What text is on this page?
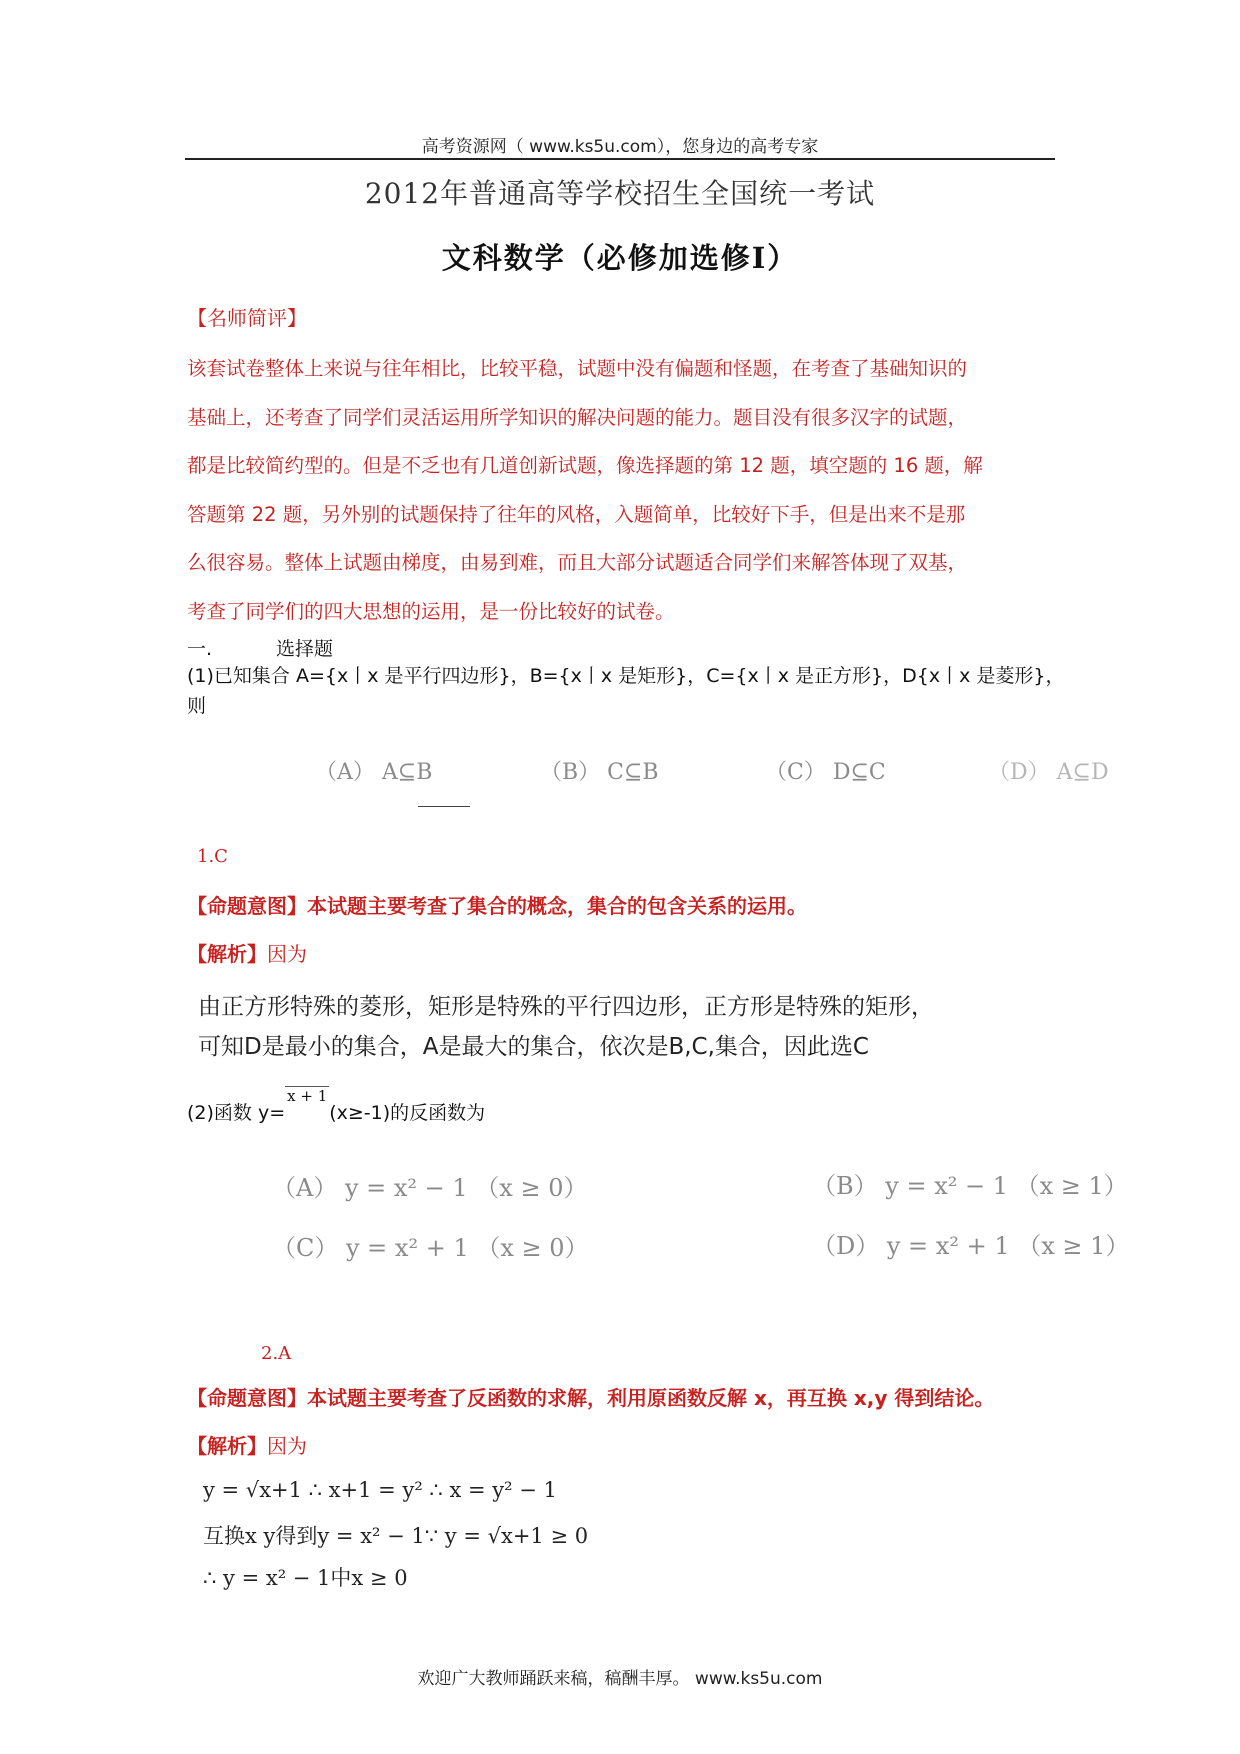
高考资源网（ www.ks5u.com），您身边的高考专家
2012年普通高等学校招生全国统一考试
文科数学（必修加选修Ⅰ）
【名师简评】
该套试卷整体上来说与往年相比，比较平稳，试题中没有偏题和怪题，在考查了基础知识的
基础上，还考查了同学们灵活运用所学知识的解决问题的能力。题目没有很多汉字的试题，
都是比较简约型的。但是不乏也有几道创新试题，像选择题的第 12 题，填空题的 16 题，解
答题第 22 题，另外别的试题保持了往年的风格，入题简单，比较好下手，但是出来不是那
么很容易。整体上试题由梯度，由易到难，而且大部分试题适合同学们来解答体现了双基，
考查了同学们的四大思想的运用，是一份比较好的试卷。
一.	选择题
(1)已知集合 A={x丨x 是平行四边形}，B={x丨x 是矩形}，C={x丨x 是正方形}，D{x丨x 是菱形}，
则
（A） A⊆B	（B） C⊆B	（C） D⊆C	（D） A⊆D
1.C
【命题意图】本试题主要考查了集合的概念，集合的包含关系的运用。
【解析】因为
由正方形特殊的菱形，矩形是特殊的平行四边形，正方形是特殊的矩形，
可知D是最小的集合，A是最大的集合，依次是B,C,集合，因此选C
(2)函数 y=x + 1(x≥-1)的反函数为
（A） y = x² − 1 （x ≥ 0）	（B） y = x² − 1 （x ≥ 1）
（C） y = x² + 1 （x ≥ 0）	（D） y = x² + 1 （x ≥ 1）
2.A
【命题意图】本试题主要考查了反函数的求解，利用原函数反解 x，再互换 x,y 得到结论。
【解析】因为
y = √x+1 ∴ x+1 = y² ∴ x = y² − 1
互换x y得到y = x² − 1∵ y = √x+1 ≥ 0
∴ y = x² − 1中x ≥ 0
欢迎广大教师踊跃来稿，稿酬丰厚。 www.ks5u.com
